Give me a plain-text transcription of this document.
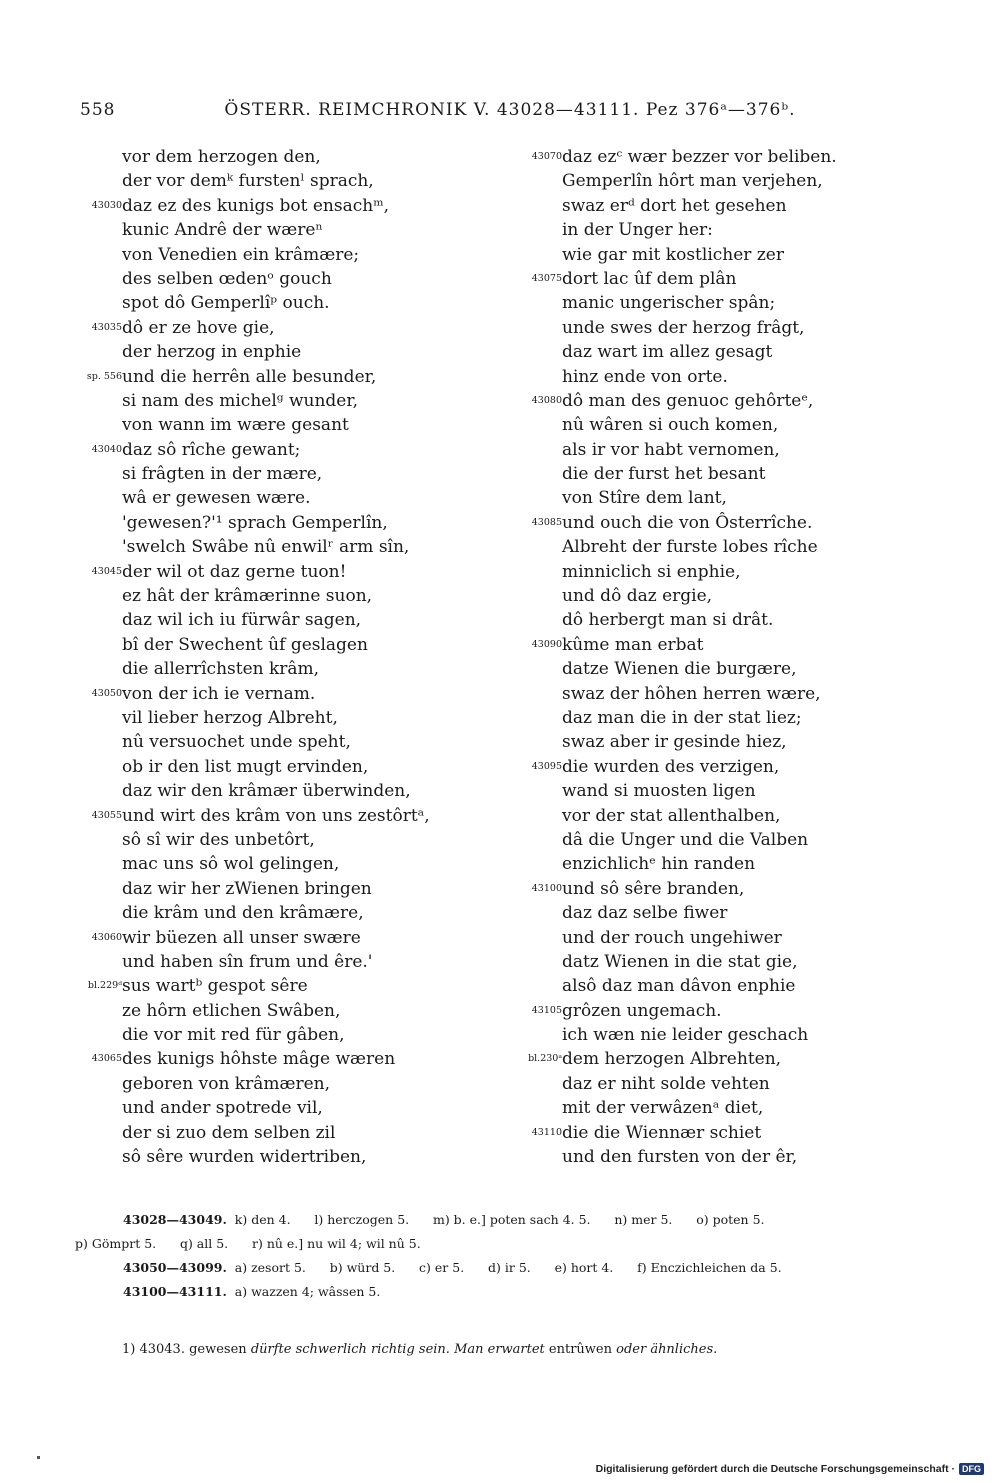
558	ÖSTERR. REIMCHRONIK V. 43028—43111. Pez 376ᵃ—376ᵇ.
vor dem herzogen den,
der vor demᵏ furstenˡ sprach,
43030 daz ez des kunigs bot ensachᵐ,
kunic Andrê der wæreⁿ
von Venedien ein krâmære;
des selben œdenᵒ gouch
spot dô Gemperlîᵖ ouch.
43035 dô er ze hove gie,
der herzog in enphie
sp. 556 und die herrên alle besunder,
si nam des michelᵍ wunder,
von wann im wære gesant
43040 daz sô rîche gewant;
si frâgten in der mære,
wâ er gewesen wære.
'gewesen?'¹ sprach Gemperlîn,
'swelch Swâbe nû enwilʳ arm sîn,
43045 der wil ot daz gerne tuon!
ez hât der krâmærinne suon,
daz wil ich iu fürwâr sagen,
bî der Swechent ûf geslagen
die allerrîchsten krâm,
43050 von der ich ie vernam.
vil lieber herzog Albreht,
nû versuochet unde speht,
ob ir den list mugt ervinden,
daz wir den krâmær überwinden,
43055 und wirt des krâm von uns zestôrtᵃ,
sô sî wir des unbetôrt,
mac uns sô wol gelingen,
daz wir her zWienen bringen
die krâm und den krâmære,
43060 wir büezen all unser swære
und haben sîn frum und êre.'
bl.229ᵈ sus wartᵇ gespot sêre
ze hôrn etlichen Swâben,
die vor mit red für gâben,
43065 des kunigs hôhste mâge wæren
geboren von krâmæren,
und ander spotrede vil,
der si zuo dem selben zil
sô sêre wurden widertriben,
43070 daz ezᶜ wær bezzer vor beliben.
Gemperlîn hôrt man verjehen,
swaz erᵈ dort het gesehen
in der Unger her:
wie gar mit kostlicher zer
43075 dort lac ûf dem plân
manic ungerischer spân;
unde swes der herzog frâgt,
daz wart im allez gesagt
hinz ende von orte.
43080 dô man des genuoc gehôrteᵉ,
nû wâren si ouch komen,
als ir vor habt vernomen,
die der furst het besant
von Stîre dem lant,
43085 und ouch die von Ôsterrîche.
Albreht der furste lobes rîche
minniclich si enphie,
und dô daz ergie,
dô herbergt man si drât.
43090 kûme man erbat
datze Wienen die burgære,
swaz der hôhen herren wære,
daz man die in der stat liez;
swaz aber ir gesinde hiez,
43095 die wurden des verzigen,
wand si muosten ligen
vor der stat allenthalben,
dâ die Unger und die Valben
enzichlichᵉ hin randen
43100 und sô sêre branden,
daz daz selbe fiwer
und der rouch ungehiwer
datz Wienen in die stat gie,
alsô daz man dâvon enphie
43105 grôzen ungemach.
ich wæn nie leider geschach
bl.230ᵃ dem herzogen Albrehten,
daz er niht solde vehten
mit der verwâzenᵃ diet,
43110 die die Wiennær schiet
und den fursten von der êr,
43028—43049.  k) den 4.      l) herczogen 5.      m) b. e.] poten sach 4. 5.      n) mer 5.      o) poten 5.
p) Gömprt 5.      q) all 5.      r) nû e.] nu wil 4; wil nû 5.
43050—43099.  a) zesort 5.      b) würd 5.      c) er 5.      d) ir 5.      e) hort 4.      f) Enczichleichen da 5.
43100—43111.  a) wazzen 4; wâssen 5.
1) 43043. gewesen dürfte schwerlich richtig sein. Man erwartet entrûwen oder ähnliches.
Digitalisierung gefördert durch die Deutsche Forschungsgemeinschaft · DFG
